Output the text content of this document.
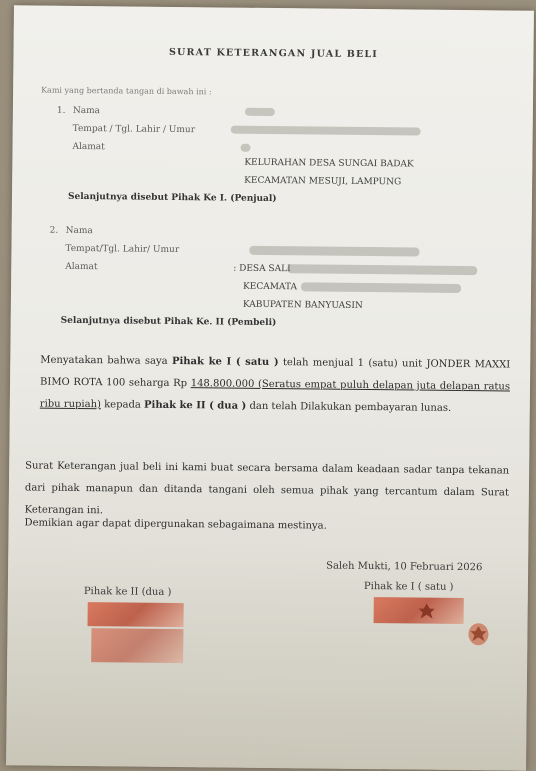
SURAT KETERANGAN JUAL BELI
Kami yang bertanda tangan di bawah ini :
1. Nama
Tempat / Tgl. Lahir / Umur
Alamat
KELURAHAN DESA SUNGAI BADAK
KECAMATAN MESUJI, LAMPUNG
Selanjutnya disebut Pihak Ke I. (Penjual)
2. Nama
Tempat/Tgl. Lahir/ Umur
Alamat	: DESA SALI
KECAMATA
KABUPATEN BANYUASIN
Selanjutnya disebut Pihak Ke. II (Pembeli)
Menyatakan bahwa saya Pihak ke I ( satu ) telah menjual 1 (satu) unit JONDER MAXXI BIMO ROTA 100 seharga Rp 148.800.000 (Seratus empat puluh delapan juta delapan ratus ribu rupiah) kepada Pihak ke II ( dua ) dan telah Dilakukan pembayaran lunas.
Surat Keterangan jual beli ini kami buat secara bersama dalam keadaan sadar tanpa tekanan dari pihak manapun dan ditanda tangani oleh semua pihak yang tercantum dalam Surat Keterangan ini.
Demikian agar dapat dipergunakan sebagaimana mestinya.
Saleh Mukti, 10 Februari 2026
Pihak ke II (dua )	Pihak ke I ( satu )
